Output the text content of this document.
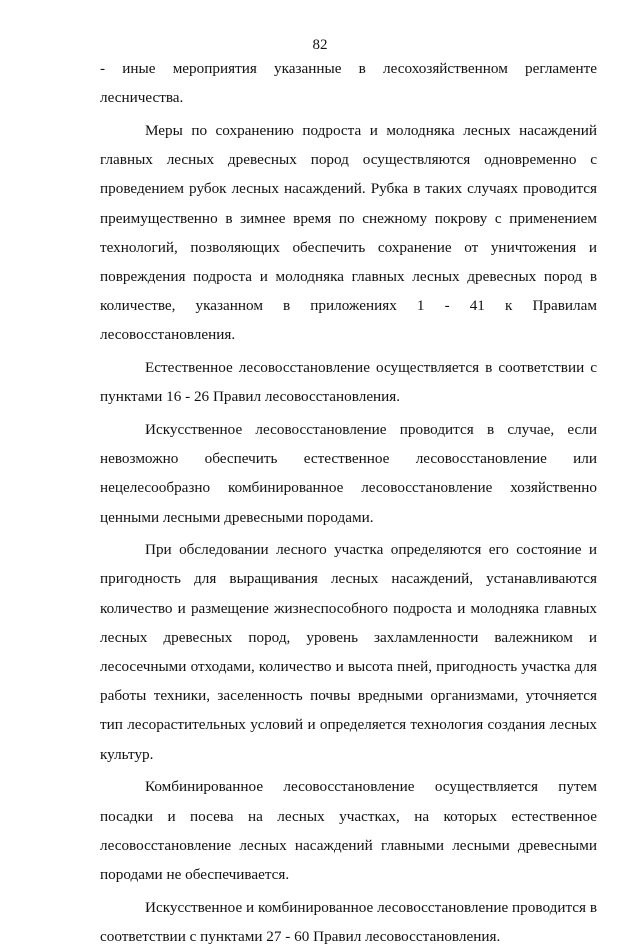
82

- иные мероприятия указанные в лесохозяйственном регламенте лесничества.

Меры по сохранению подроста и молодняка лесных насаждений главных лесных древесных пород осуществляются одновременно с проведением рубок лесных насаждений. Рубка в таких случаях проводится преимущественно в зимнее время по снежному покрову с применением технологий, позволяющих обеспечить сохранение от уничтожения и повреждения подроста и молодняка главных лесных древесных пород в количестве, указанном в приложениях 1 - 41 к Правилам лесовосстановления.

Естественное лесовосстановление осуществляется в соответствии с пунктами 16 - 26 Правил лесовосстановления.

Искусственное лесовосстановление проводится в случае, если невозможно обеспечить естественное лесовосстановление или нецелесообразно комбинированное лесовосстановление хозяйственно ценными лесными древесными породами.

При обследовании лесного участка определяются его состояние и пригодность для выращивания лесных насаждений, устанавливаются количество и размещение жизнеспособного подроста и молодняка главных лесных древесных пород, уровень захламленности валежником и лесосечными отходами, количество и высота пней, пригодность участка для работы техники, заселенность почвы вредными организмами, уточняется тип лесорастительных условий и определяется технология создания лесных культур.

Комбинированное лесовосстановление осуществляется путем посадки и посева на лесных участках, на которых естественное лесовосстановление лесных насаждений главными лесными древесными породами не обеспечивается.

Искусственное и комбинированное лесовосстановление проводится в соответствии с пунктами 27 - 60 Правил лесовосстановления.
